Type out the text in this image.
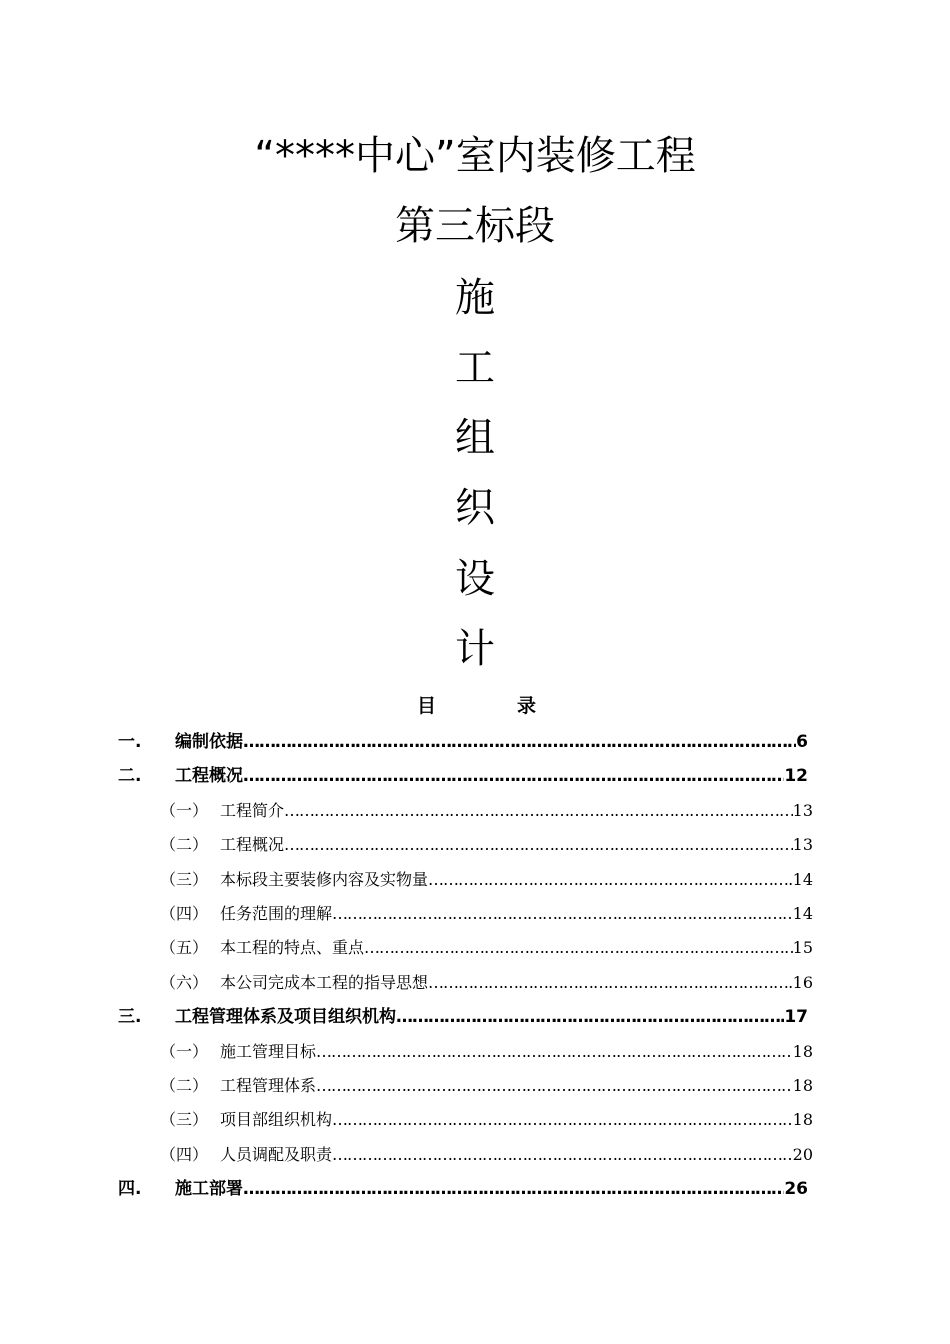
“****中心”室内装修工程
第三标段
施
工
组
织
设
计
目	录
一.	编制依据 …………………………………………………………………………………………………………………………………………………………………………………………………	6
二.	工程概况 …………………………………………………………………………………………………………………………………………………………………………………………………	12
（一） 工程简介 …………………………………………………………………………………………………………………………………………………………………………………………………	13
（二） 工程概况 …………………………………………………………………………………………………………………………………………………………………………………………………	13
（三） 本标段主要装修内容及实物量 …………………………………………………………………………………………………………………………………………………………………………………………………	14
（四） 任务范围的理解 …………………………………………………………………………………………………………………………………………………………………………………………………	14
（五） 本工程的特点、重点 …………………………………………………………………………………………………………………………………………………………………………………………………	15
（六） 本公司完成本工程的指导思想 …………………………………………………………………………………………………………………………………………………………………………………………………	16
三.	工程管理体系及项目组织机构 …………………………………………………………………………………………………………………………………………………………………………………………………	17
（一） 施工管理目标 …………………………………………………………………………………………………………………………………………………………………………………………………	18
（二） 工程管理体系 …………………………………………………………………………………………………………………………………………………………………………………………………	18
（三） 项目部组织机构 …………………………………………………………………………………………………………………………………………………………………………………………………	18
（四） 人员调配及职责 …………………………………………………………………………………………………………………………………………………………………………………………………	20
四.	施工部署 …………………………………………………………………………………………………………………………………………………………………………………………………	26
